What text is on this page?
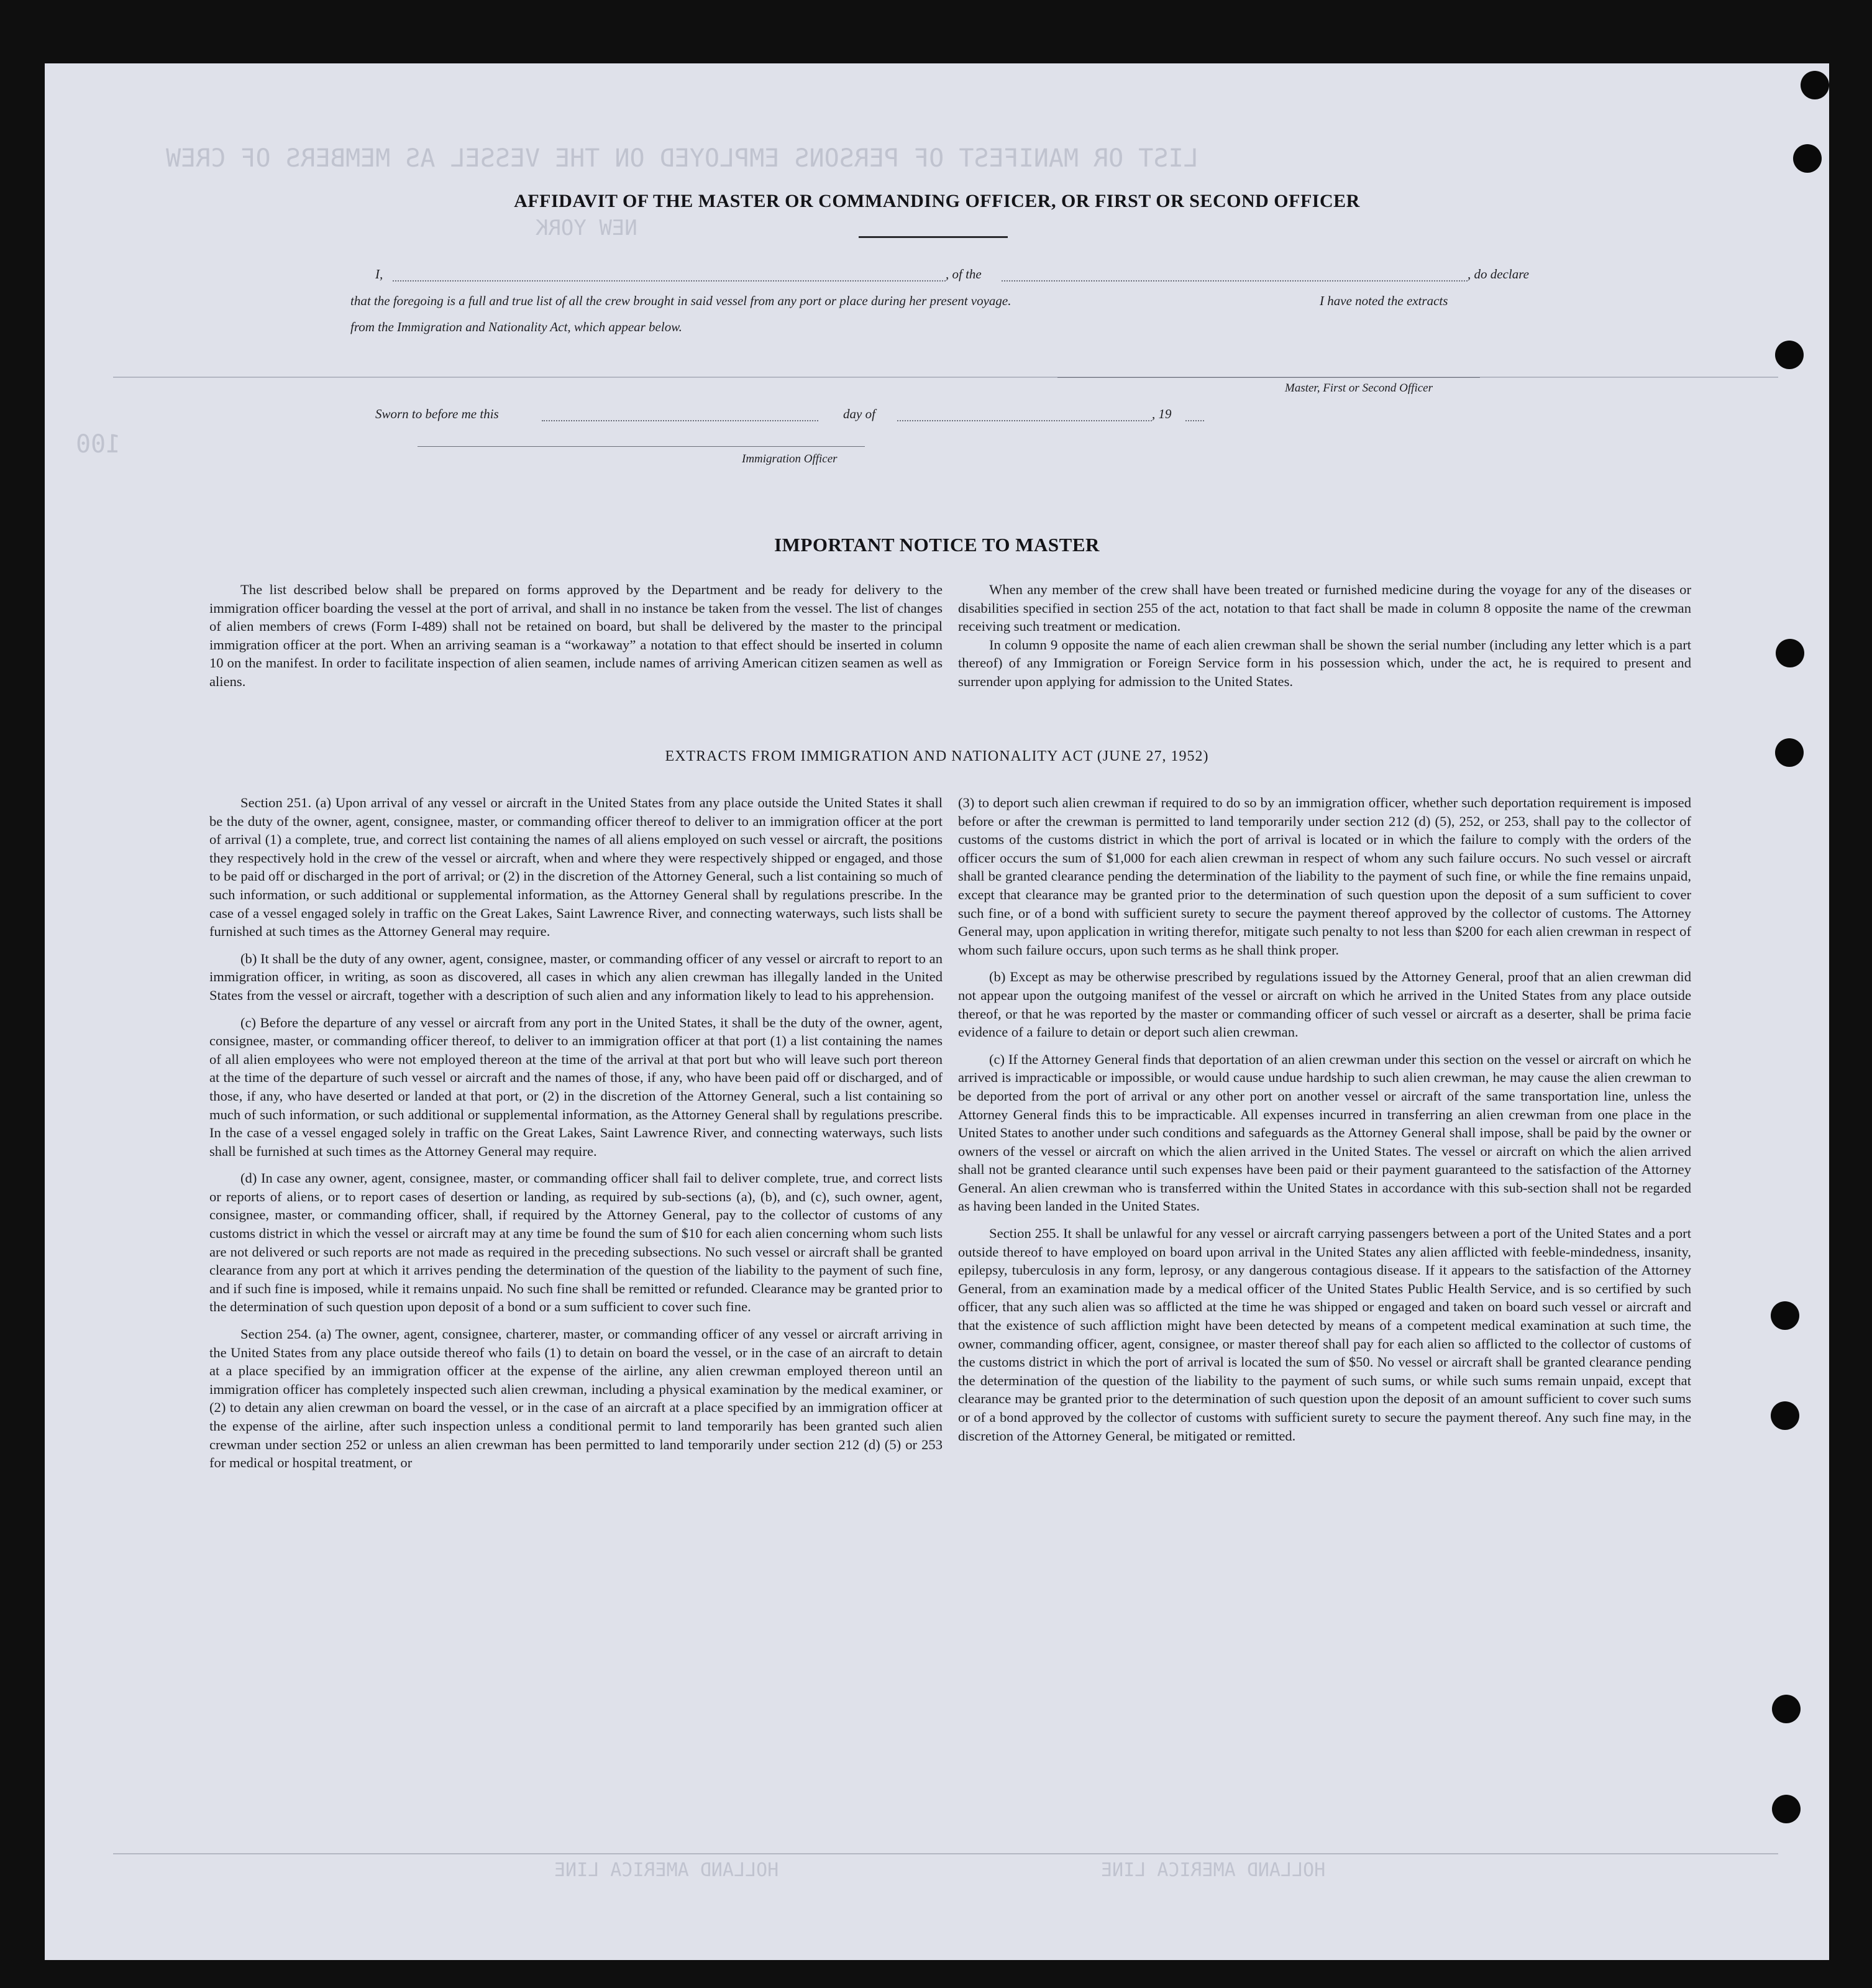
LIST OR MANIFEST OF PERSONS EMPLOYED ON THE VESSEL AS MEMBERS OF CREW
NEW YORK
100
HOLLAND AMERICA LINE	HOLLAND AMERICA LINE
AFFIDAVIT OF THE MASTER OR COMMANDING OFFICER, OR FIRST OR SECOND OFFICER
I,	, of the	, do declare
that the foregoing is a full and true list of all the crew brought in said vessel from any port or place during her present voyage.	I have noted the extracts
from the Immigration and Nationality Act, which appear below.
Master, First or Second Officer
Sworn to before me this	day of	, 19
Immigration Officer
IMPORTANT NOTICE TO MASTER

The list described below shall be prepared on forms approved by the Department and be ready for delivery to the immigration officer boarding the vessel at the port of arrival, and shall in no instance be taken from the vessel. The list of changes of alien members of crews (Form I-489) shall not be retained on board, but shall be delivered by the master to the principal immigration officer at the port. When an arriving seaman is a “workaway” a notation to that effect should be inserted in column 10 on the manifest. In order to facilitate inspection of alien seamen, include names of arriving American citizen seamen as well as aliens.

When any member of the crew shall have been treated or furnished medicine during the voyage for any of the diseases or disabilities specified in section 255 of the act, notation to that fact shall be made in column 8 opposite the name of the crewman receiving such treatment or medication.

In column 9 opposite the name of each alien crewman shall be shown the serial number (including any letter which is a part thereof) of any Immigration or Foreign Service form in his possession which, under the act, he is required to present and surrender upon applying for admission to the United States.

EXTRACTS FROM IMMIGRATION AND NATIONALITY ACT (JUNE 27, 1952)

Section 251. (a) Upon arrival of any vessel or aircraft in the United States from any place outside the United States it shall be the duty of the owner, agent, consignee, master, or commanding officer thereof to deliver to an immigration officer at the port of arrival (1) a complete, true, and correct list containing the names of all aliens employed on such vessel or aircraft, the positions they respectively hold in the crew of the vessel or aircraft, when and where they were respectively shipped or engaged, and those to be paid off or discharged in the port of arrival; or (2) in the discretion of the Attorney General, such a list containing so much of such information, or such additional or supplemental information, as the Attorney General shall by regulations prescribe. In the case of a vessel engaged solely in traffic on the Great Lakes, Saint Lawrence River, and connecting waterways, such lists shall be furnished at such times as the Attorney General may require.

(b) It shall be the duty of any owner, agent, consignee, master, or commanding officer of any vessel or aircraft to report to an immigration officer, in writing, as soon as discovered, all cases in which any alien crewman has illegally landed in the United States from the vessel or aircraft, together with a description of such alien and any information likely to lead to his apprehension.

(c) Before the departure of any vessel or aircraft from any port in the United States, it shall be the duty of the owner, agent, consignee, master, or commanding officer thereof, to deliver to an immigration officer at that port (1) a list containing the names of all alien employees who were not employed thereon at the time of the arrival at that port but who will leave such port thereon at the time of the departure of such vessel or aircraft and the names of those, if any, who have been paid off or discharged, and of those, if any, who have deserted or landed at that port, or (2) in the discretion of the Attorney General, such a list containing so much of such information, or such additional or supplemental information, as the Attorney General shall by regulations prescribe. In the case of a vessel engaged solely in traffic on the Great Lakes, Saint Lawrence River, and connecting waterways, such lists shall be furnished at such times as the Attorney General may require.

(d) In case any owner, agent, consignee, master, or commanding officer shall fail to deliver complete, true, and correct lists or reports of aliens, or to report cases of desertion or landing, as required by sub-sections (a), (b), and (c), such owner, agent, consignee, master, or commanding officer, shall, if required by the Attorney General, pay to the collector of customs of any customs district in which the vessel or aircraft may at any time be found the sum of $10 for each alien concerning whom such lists are not delivered or such reports are not made as required in the preceding subsections. No such vessel or aircraft shall be granted clearance from any port at which it arrives pending the determination of the question of the liability to the payment of such fine, and if such fine is imposed, while it remains unpaid. No such fine shall be remitted or refunded. Clearance may be granted prior to the determination of such question upon deposit of a bond or a sum sufficient to cover such fine.

Section 254. (a) The owner, agent, consignee, charterer, master, or commanding officer of any vessel or aircraft arriving in the United States from any place outside thereof who fails (1) to detain on board the vessel, or in the case of an aircraft to detain at a place specified by an immigration officer at the expense of the airline, any alien crewman employed thereon until an immigration officer has completely inspected such alien crewman, including a physical examination by the medical examiner, or (2) to detain any alien crewman on board the vessel, or in the case of an aircraft at a place specified by an immigration officer at the expense of the airline, after such inspection unless a conditional permit to land temporarily has been granted such alien crewman under section 252 or unless an alien crewman has been permitted to land temporarily under section 212 (d) (5) or 253 for medical or hospital treatment, or

(3) to deport such alien crewman if required to do so by an immigration officer, whether such deportation requirement is imposed before or after the crewman is permitted to land temporarily under section 212 (d) (5), 252, or 253, shall pay to the collector of customs of the customs district in which the port of arrival is located or in which the failure to comply with the orders of the officer occurs the sum of $1,000 for each alien crewman in respect of whom any such failure occurs. No such vessel or aircraft shall be granted clearance pending the determination of the liability to the payment of such fine, or while the fine remains unpaid, except that clearance may be granted prior to the determination of such question upon the deposit of a sum sufficient to cover such fine, or of a bond with sufficient surety to secure the payment thereof approved by the collector of customs. The Attorney General may, upon application in writing therefor, mitigate such penalty to not less than $200 for each alien crewman in respect of whom such failure occurs, upon such terms as he shall think proper.

(b) Except as may be otherwise prescribed by regulations issued by the Attorney General, proof that an alien crewman did not appear upon the outgoing manifest of the vessel or aircraft on which he arrived in the United States from any place outside thereof, or that he was reported by the master or commanding officer of such vessel or aircraft as a deserter, shall be prima facie evidence of a failure to detain or deport such alien crewman.

(c) If the Attorney General finds that deportation of an alien crewman under this section on the vessel or aircraft on which he arrived is impracticable or impossible, or would cause undue hardship to such alien crewman, he may cause the alien crewman to be deported from the port of arrival or any other port on another vessel or aircraft of the same transportation line, unless the Attorney General finds this to be impracticable. All expenses incurred in transferring an alien crewman from one place in the United States to another under such conditions and safeguards as the Attorney General shall impose, shall be paid by the owner or owners of the vessel or aircraft on which the alien arrived in the United States. The vessel or aircraft on which the alien arrived shall not be granted clearance until such expenses have been paid or their payment guaranteed to the satisfaction of the Attorney General. An alien crewman who is transferred within the United States in accordance with this sub-section shall not be regarded as having been landed in the United States.

Section 255. It shall be unlawful for any vessel or aircraft carrying passengers between a port of the United States and a port outside thereof to have employed on board upon arrival in the United States any alien afflicted with feeble-mindedness, insanity, epilepsy, tuberculosis in any form, leprosy, or any dangerous contagious disease. If it appears to the satisfaction of the Attorney General, from an examination made by a medical officer of the United States Public Health Service, and is so certified by such officer, that any such alien was so afflicted at the time he was shipped or engaged and taken on board such vessel or aircraft and that the existence of such affliction might have been detected by means of a competent medical examination at such time, the owner, commanding officer, agent, consignee, or master thereof shall pay for each alien so afflicted to the collector of customs of the customs district in which the port of arrival is located the sum of $50. No vessel or aircraft shall be granted clearance pending the determination of the question of the liability to the payment of such sums, or while such sums remain unpaid, except that clearance may be granted prior to the determination of such question upon the deposit of an amount sufficient to cover such sums or of a bond approved by the collector of customs with sufficient surety to secure the payment thereof. Any such fine may, in the discretion of the Attorney General, be mitigated or remitted.
